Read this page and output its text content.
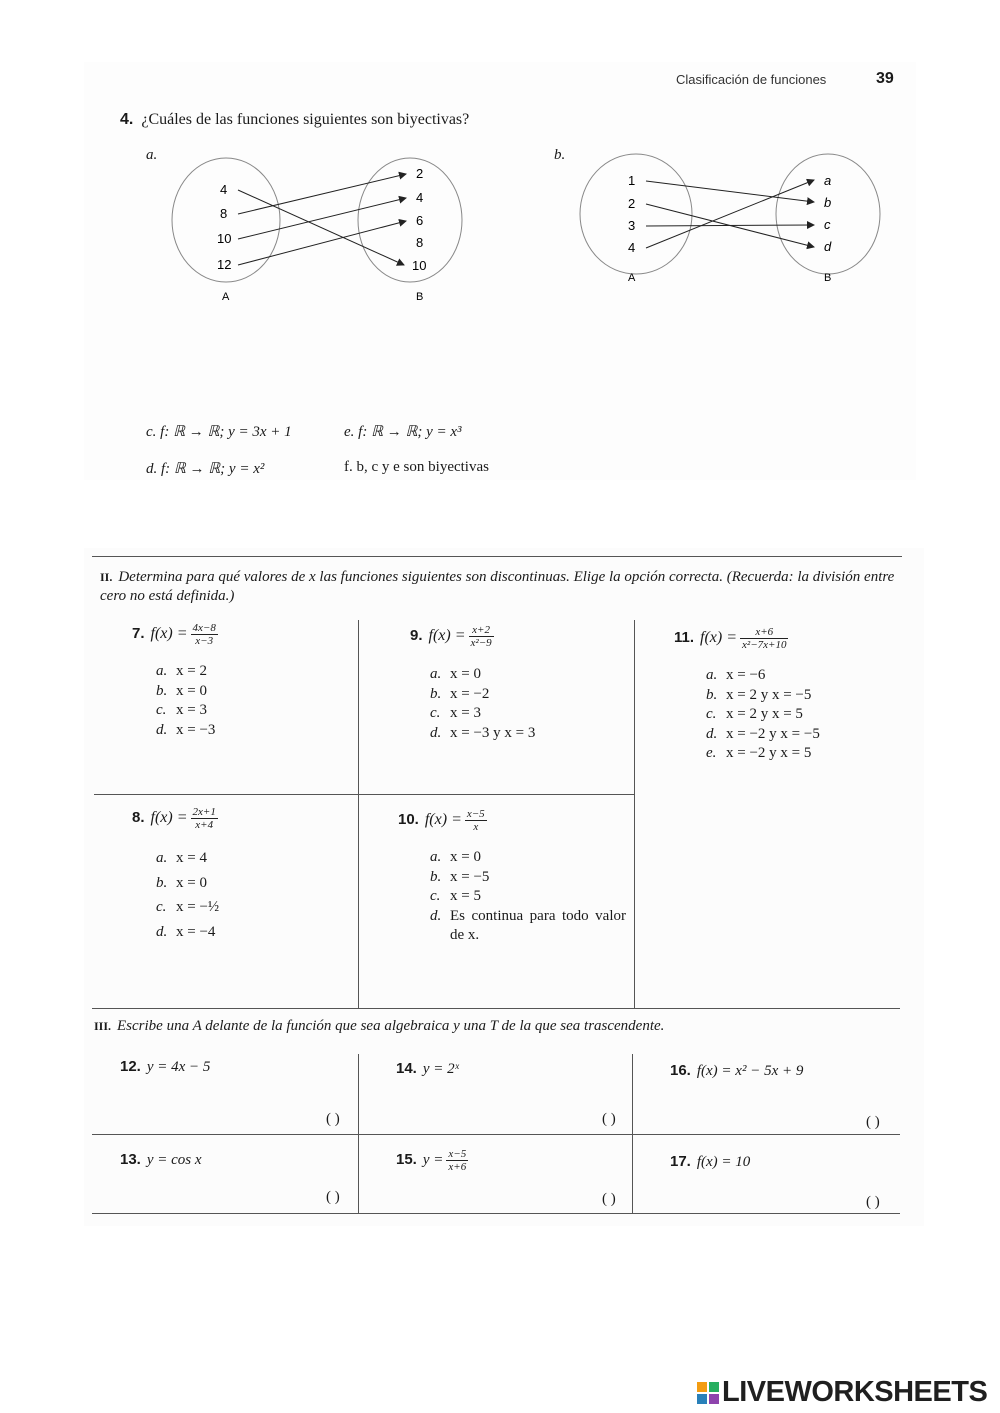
Clasificación de funciones	39
4. ¿Cuáles de las funciones siguientes son biyectivas?
a.	b.
4
8
10
12
2
4
6
8
10
A	B
1
2
3
4
a
b
c
d
A	B
c. f: ℝ → ℝ; y = 3x + 1	e. f: ℝ → ℝ; y = x³
d. f: ℝ → ℝ; y = x²	f. b, c y e son biyectivas
II. Determina para qué valores de x las funciones siguientes son discontinuas. Elige la opción correcta. (Recuerda: la división entre cero no está definida.)
7. $f(x) = \frac{4x-8}{x-3}$
a. x = 2
b. x = 0
c. x = 3
d. x = −3
9. $f(x) = \frac{x+2}{\text{x²−9}}$
a. x = 0
b. x = −2
c. x = 3
d. x = −3 y x = 3
11. $f(x) = \frac{x+6}{\text{x²−7x+10}}$
a. x = −6
b. x = 2 y x = −5
c. x = 2 y x = 5
d. x = −2 y x = −5
e. x = −2 y x = 5
8. $f(x) = \frac{2x+1}{x+4}$
a. x = 4
b. x = 0
c. x = −½
d. x = −4
10. $f(x) = \frac{x-5}{x}$
a. x = 0
b. x = −5
c. x = 5
d. Es continua para todo valor de x.
III. Escribe una A delante de la función que sea algebraica y una T de la que sea trascendente.
12. y = 4x − 5
( )
14. y = 2ˣ
( )
16. f(x) = x² − 5x + 9
( )
13. y = cos x
( )
15. $y = \frac{x-5}{x+6}$
( )
17. f(x) = 10
( )
LIVEWORKSHEETS
